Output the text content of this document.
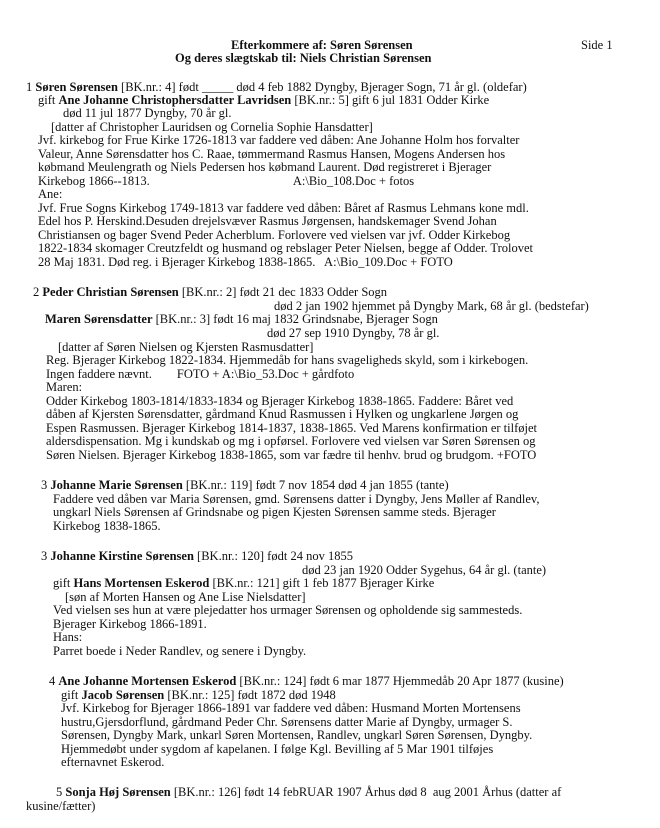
Efterkommere af: Søren Sørensen
Og deres slægtskab til: Niels Christian Sørensen
Side 1
1 Søren Sørensen [BK.nr.: 4] født _____ død 4 feb 1882 Dyngby, Bjerager Sogn, 71 år gl. (oldefar)
gift Ane Johanne Christophersdatter Lavridsen [BK.nr.: 5] gift 6 jul 1831 Odder Kirke
død 11 jul 1877 Dyngby, 70 år gl.
[datter af Christopher Lauridsen og Cornelia Sophie Hansdatter]
Jvf. kirkebog for Frue Kirke 1726-1813 var faddere ved dåben: Ane Johanne Holm hos forvalter
Valeur, Anne Sørensdatter hos C. Raae, tømmermand Rasmus Hansen, Mogens Andersen hos
købmand Meulengrath og Niels Pedersen hos købmand Laurent. Død registreret i Bjerager
Kirkebog 1866--1813.                                              A:\Bio_108.Doc + fotos
Ane:
Jvf. Frue Sogns Kirkebog 1749-1813 var faddere ved dåben: Båret af Rasmus Lehmans kone mdl.
Edel hos P. Herskind.Desuden drejelsvæver Rasmus Jørgensen, handskemager Svend Johan
Christiansen og bager Svend Peder Acherblum. Forlovere ved vielsen var jvf. Odder Kirkebog
1822-1834 skomager Creutzfeldt og husmand og rebslager Peter Nielsen, begge af Odder. Trolovet
28 Maj 1831. Død reg. i Bjerager Kirkebog 1838-1865.   A:\Bio_109.Doc + FOTO
2 Peder Christian Sørensen [BK.nr.: 2] født 21 dec 1833 Odder Sogn
død 2 jan 1902 hjemmet på Dyngby Mark, 68 år gl. (bedstefar)
Maren Sørensdatter [BK.nr.: 3] født 16 maj 1832 Grindsnabe, Bjerager Sogn
død 27 sep 1910 Dyngby, 78 år gl.
[datter af Søren Nielsen og Kjersten Rasmusdatter]
Reg. Bjerager Kirkebog 1822-1834. Hjemmedåb for hans svageligheds skyld, som i kirkebogen.
Ingen faddere nævnt.        FOTO + A:\Bio_53.Doc + gårdfoto
Maren:
Odder Kirkebog 1803-1814/1833-1834 og Bjerager Kirkebog 1838-1865. Faddere: Båret ved
dåben af Kjersten Sørensdatter, gårdmand Knud Rasmussen i Hylken og ungkarlene Jørgen og
Espen Rasmussen. Bjerager Kirkebog 1814-1837, 1838-1865. Ved Marens konfirmation er tilføjet
aldersdispensation. Mg i kundskab og mg i opførsel. Forlovere ved vielsen var Søren Sørensen og
Søren Nielsen. Bjerager Kirkebog 1838-1865, som var fædre til henhv. brud og brudgom. +FOTO
3 Johanne Marie Sørensen [BK.nr.: 119] født 7 nov 1854 død 4 jan 1855 (tante)
Faddere ved dåben var Maria Sørensen, gmd. Sørensens datter i Dyngby, Jens Møller af Randlev,
ungkarl Niels Sørensen af Grindsnabe og pigen Kjesten Sørensen samme steds. Bjerager
Kirkebog 1838-1865.
3 Johanne Kirstine Sørensen [BK.nr.: 120] født 24 nov 1855
død 23 jan 1920 Odder Sygehus, 64 år gl. (tante)
gift Hans Mortensen Eskerod [BK.nr.: 121] gift 1 feb 1877 Bjerager Kirke
[søn af Morten Hansen og Ane Lise Nielsdatter]
Ved vielsen ses hun at være plejedatter hos urmager Sørensen og opholdende sig sammesteds.
Bjerager Kirkebog 1866-1891.
Hans:
Parret boede i Neder Randlev, og senere i Dyngby.
4 Ane Johanne Mortensen Eskerod [BK.nr.: 124] født 6 mar 1877 Hjemmedåb 20 Apr 1877 (kusine)
gift Jacob Sørensen [BK.nr.: 125] født 1872 død 1948
Jvf. Kirkebog for Bjerager 1866-1891 var faddere ved dåben: Husmand Morten Mortensens
hustru,Gjersdorflund, gårdmand Peder Chr. Sørensens datter Marie af Dyngby, urmager S.
Sørensen, Dyngby Mark, unkarl Søren Mortensen, Randlev, ungkarl Søren Sørensen, Dyngby.
Hjemmedøbt under sygdom af kapelanen. I følge Kgl. Bevilling af 5 Mar 1901 tilføjes
efternavnet Eskerod.
5 Sonja Høj Sørensen [BK.nr.: 126] født 14 febRUAR 1907 Århus død 8  aug 2001 Århus (datter af
kusine/fætter)
